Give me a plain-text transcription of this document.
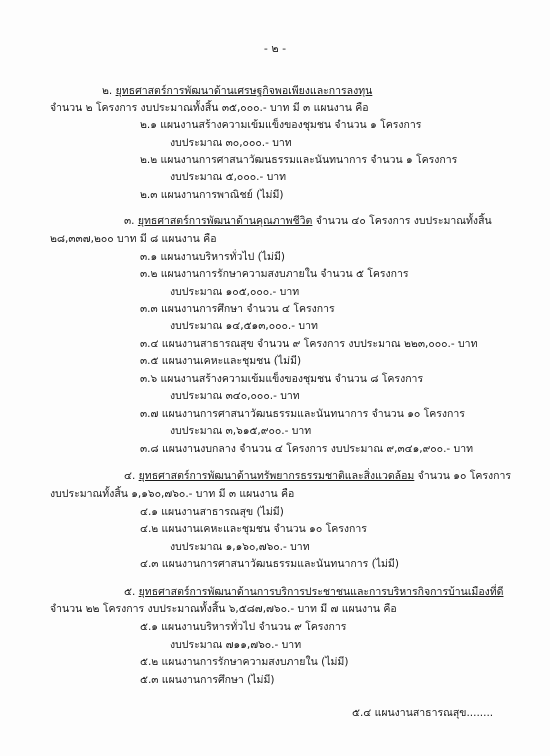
- ๒ -
๒. ยุทธศาสตร์การพัฒนาด้านเศรษฐกิจพอเพียงและการลงทุน
จำนวน ๒ โครงการ งบประมาณทั้งสิ้น ๓๕,๐๐๐.- บาท มี ๓ แผนงาน คือ
๒.๑ แผนงานสร้างความเข้มแข็งของชุมชน จำนวน ๑ โครงการ
งบประมาณ ๓๐,๐๐๐.- บาท
๒.๒ แผนงานการศาสนาวัฒนธรรมและนันทนาการ จำนวน ๑ โครงการ
งบประมาณ ๕,๐๐๐.- บาท
๒.๓ แผนงานการพาณิชย์ (ไม่มี)
๓. ยุทธศาสตร์การพัฒนาด้านคุณภาพชีวิต จำนวน ๔๐ โครงการ งบประมาณทั้งสิ้น
๒๘,๓๓๗,๒๐๐ บาท มี ๘ แผนงาน คือ
๓.๑ แผนงานบริหารทั่วไป (ไม่มี)
๓.๒ แผนงานการรักษาความสงบภายใน จำนวน ๕ โครงการ
งบประมาณ ๑๐๕,๐๐๐.- บาท
๓.๓ แผนงานการศึกษา จำนวน ๔ โครงการ
งบประมาณ ๑๔,๕๑๓,๐๐๐.- บาท
๓.๔ แผนงานสาธารณสุข จำนวน ๙ โครงการ งบประมาณ ๒๒๓,๐๐๐.- บาท
๓.๕ แผนงานเคหะและชุมชน (ไม่มี)
๓.๖ แผนงานสร้างความเข้มแข็งของชุมชน จำนวน ๘ โครงการ
งบประมาณ ๓๔๐,๐๐๐.- บาท
๓.๗ แผนงานการศาสนาวัฒนธรรมและนันทนาการ จำนวน ๑๐ โครงการ
งบประมาณ ๓,๖๑๕,๙๐๐.- บาท
๓.๘ แผนงานงบกลาง จำนวน ๔ โครงการ งบประมาณ ๙,๓๔๑,๙๐๐.- บาท
๔. ยุทธศาสตร์การพัฒนาด้านทรัพยากรธรรมชาติและสิ่งแวดล้อม จำนวน ๑๐ โครงการ
งบประมาณทั้งสิ้น ๑,๑๖๐,๗๖๐.- บาท มี ๓ แผนงาน คือ
๔.๑ แผนงานสาธารณสุข (ไม่มี)
๔.๒ แผนงานเคหะและชุมชน จำนวน ๑๐ โครงการ
งบประมาณ ๑,๑๖๐,๗๖๐.- บาท
๔.๓ แผนงานการศาสนาวัฒนธรรมและนันทนาการ (ไม่มี)
๕. ยุทธศาสตร์การพัฒนาด้านการบริการประชาชนและการบริหารกิจการบ้านเมืองที่ดี
จำนวน ๒๒ โครงการ งบประมาณทั้งสิ้น ๖,๕๘๗,๗๖๐.- บาท มี ๗ แผนงาน คือ
๕.๑ แผนงานบริหารทั่วไป จำนวน ๙ โครงการ
งบประมาณ ๗๑๑,๗๖๐.- บาท
๕.๒ แผนงานการรักษาความสงบภายใน (ไม่มี)
๕.๓ แผนงานการศึกษา (ไม่มี)
๕.๔ แผนงานสาธารณสุข........
